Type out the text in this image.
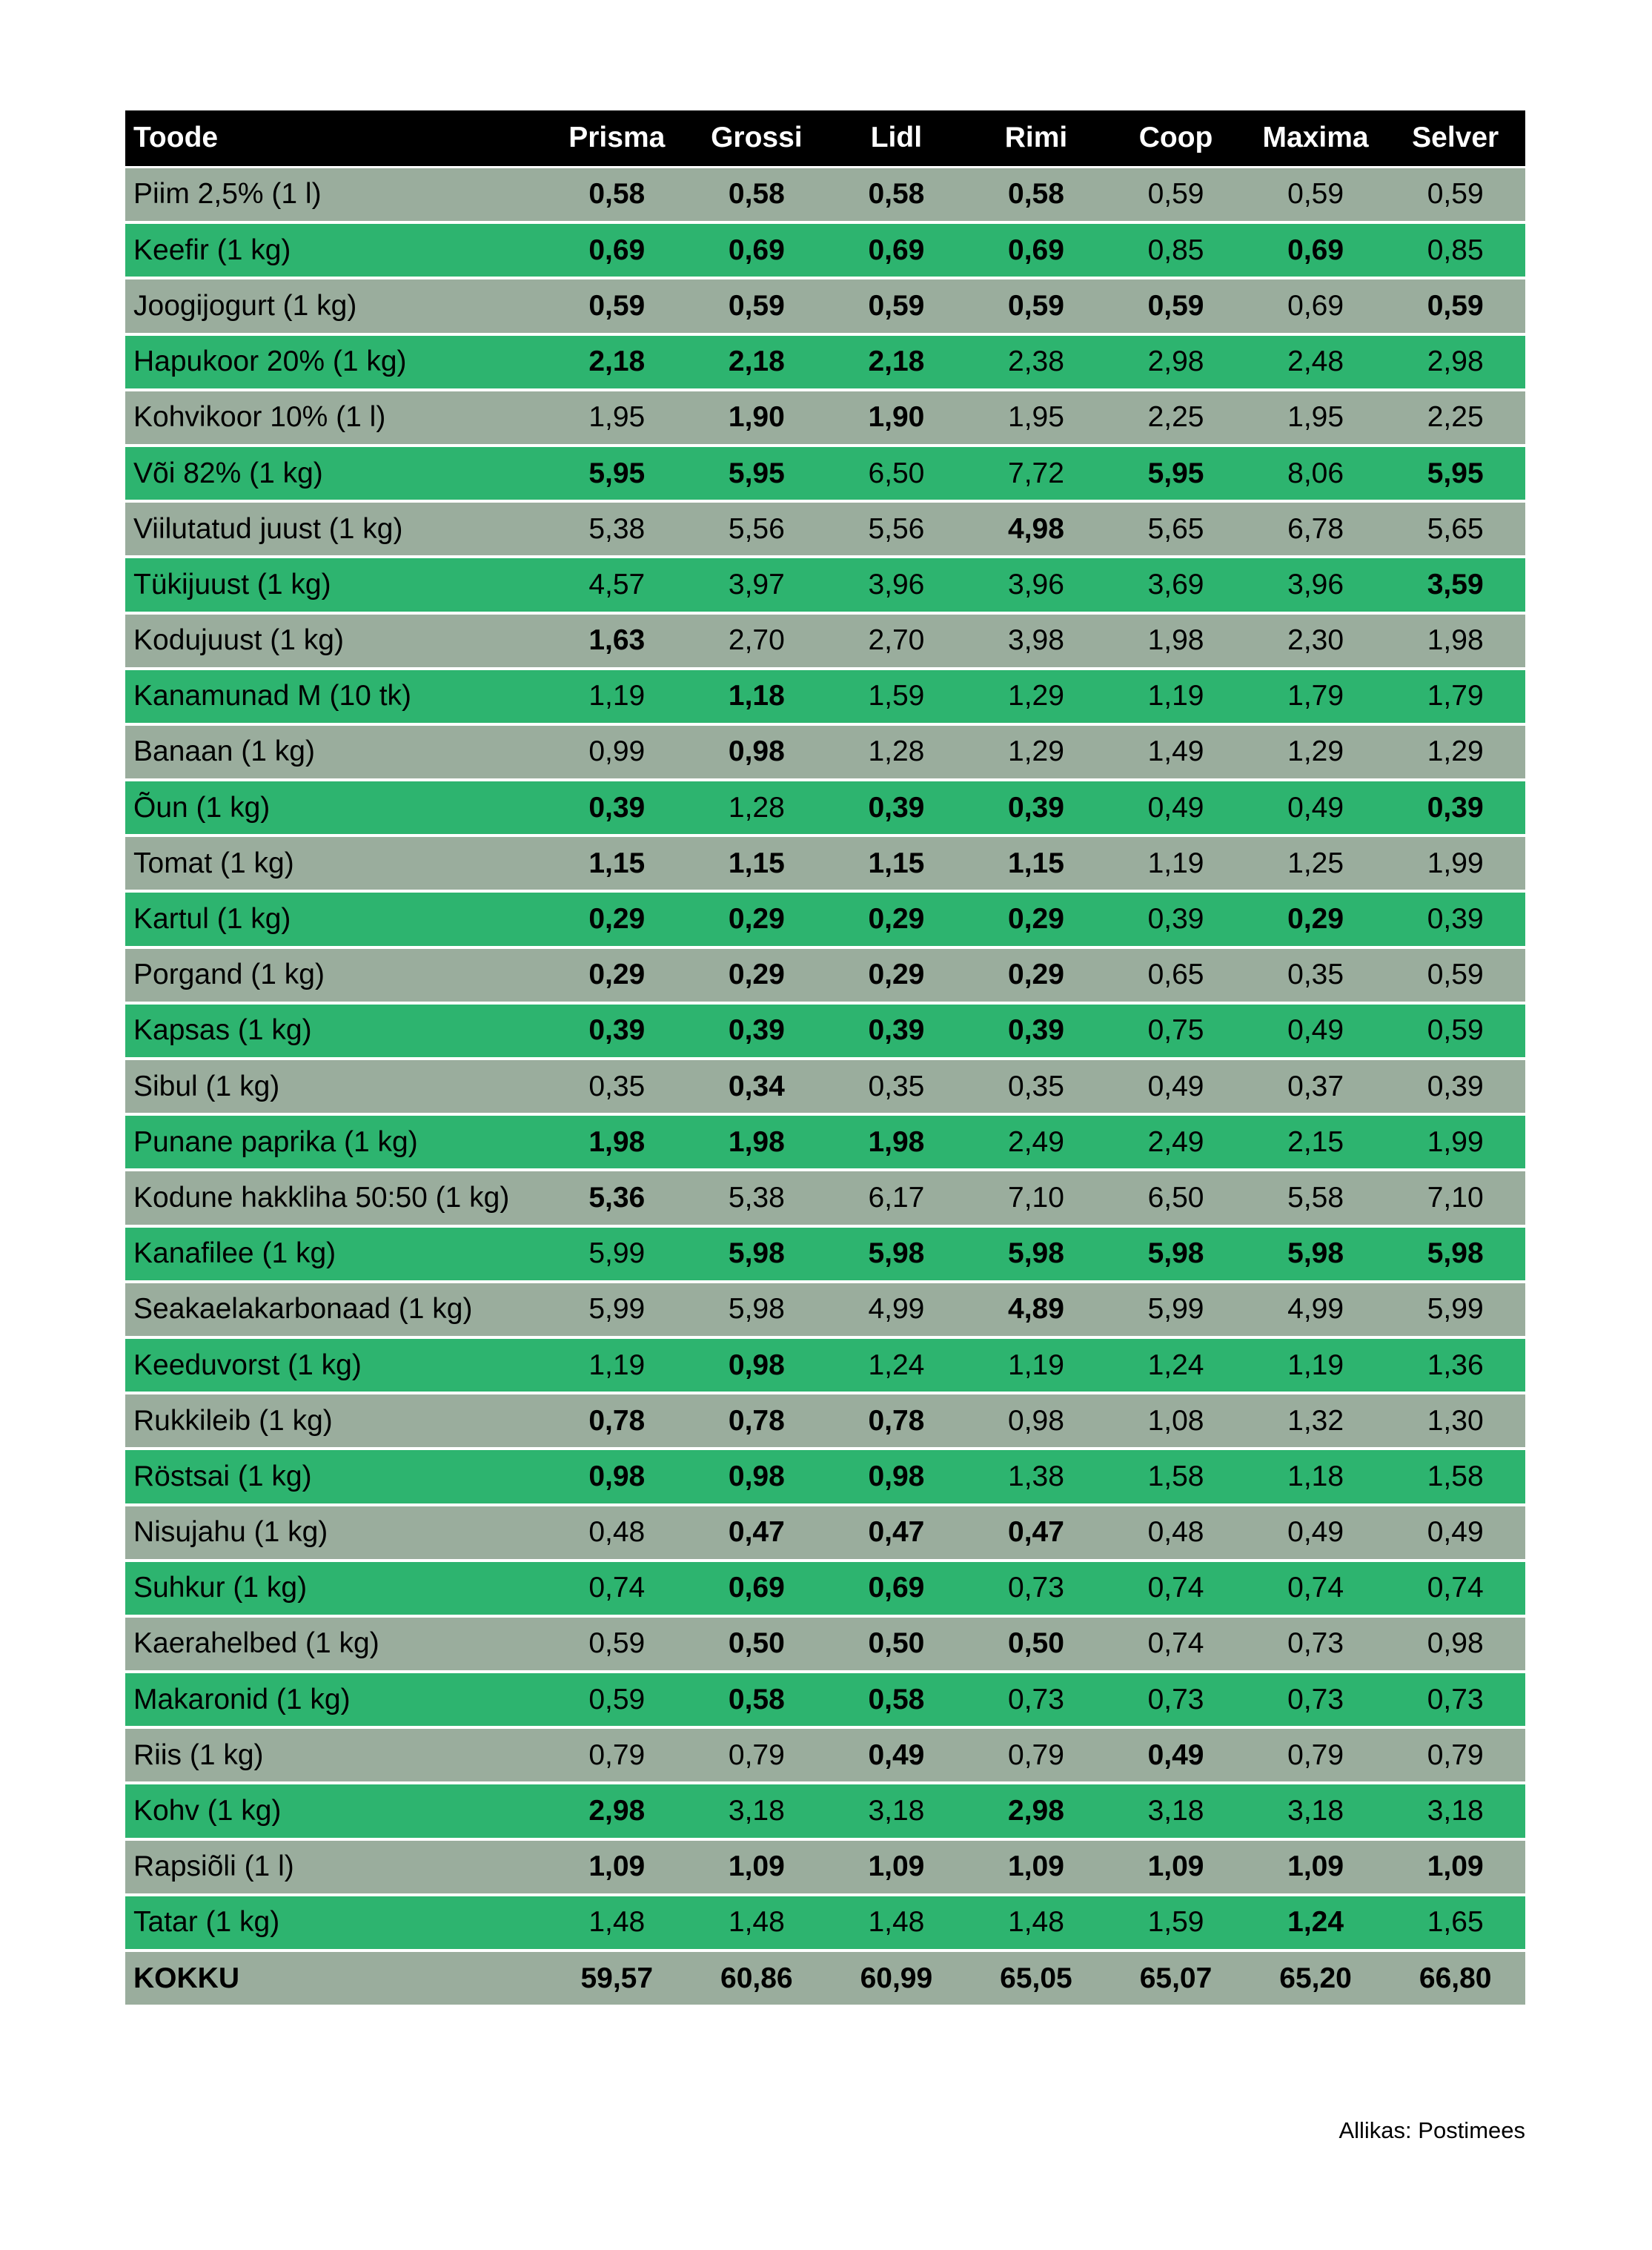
Toode	Prisma	Grossi	Lidl	Rimi	Coop	Maxima	Selver
Piim 2,5% (1 l)	0,58	0,58	0,58	0,58	0,59	0,59	0,59
Keefir (1 kg)	0,69	0,69	0,69	0,69	0,85	0,69	0,85
Joogijogurt (1 kg)	0,59	0,59	0,59	0,59	0,59	0,69	0,59
Hapukoor 20% (1 kg)	2,18	2,18	2,18	2,38	2,98	2,48	2,98
Kohvikoor 10% (1 l)	1,95	1,90	1,90	1,95	2,25	1,95	2,25
Või 82% (1 kg)	5,95	5,95	6,50	7,72	5,95	8,06	5,95
Viilutatud juust (1 kg)	5,38	5,56	5,56	4,98	5,65	6,78	5,65
Tükijuust (1 kg)	4,57	3,97	3,96	3,96	3,69	3,96	3,59
Kodujuust (1 kg)	1,63	2,70	2,70	3,98	1,98	2,30	1,98
Kanamunad M (10 tk)	1,19	1,18	1,59	1,29	1,19	1,79	1,79
Banaan (1 kg)	0,99	0,98	1,28	1,29	1,49	1,29	1,29
Õun (1 kg)	0,39	1,28	0,39	0,39	0,49	0,49	0,39
Tomat (1 kg)	1,15	1,15	1,15	1,15	1,19	1,25	1,99
Kartul (1 kg)	0,29	0,29	0,29	0,29	0,39	0,29	0,39
Porgand (1 kg)	0,29	0,29	0,29	0,29	0,65	0,35	0,59
Kapsas (1 kg)	0,39	0,39	0,39	0,39	0,75	0,49	0,59
Sibul (1 kg)	0,35	0,34	0,35	0,35	0,49	0,37	0,39
Punane paprika (1 kg)	1,98	1,98	1,98	2,49	2,49	2,15	1,99
Kodune hakkliha 50:50 (1 kg)	5,36	5,38	6,17	7,10	6,50	5,58	7,10
Kanafilee (1 kg)	5,99	5,98	5,98	5,98	5,98	5,98	5,98
Seakaelakarbonaad (1 kg)	5,99	5,98	4,99	4,89	5,99	4,99	5,99
Keeduvorst (1 kg)	1,19	0,98	1,24	1,19	1,24	1,19	1,36
Rukkileib (1 kg)	0,78	0,78	0,78	0,98	1,08	1,32	1,30
Röstsai (1 kg)	0,98	0,98	0,98	1,38	1,58	1,18	1,58
Nisujahu (1 kg)	0,48	0,47	0,47	0,47	0,48	0,49	0,49
Suhkur (1 kg)	0,74	0,69	0,69	0,73	0,74	0,74	0,74
Kaerahelbed (1 kg)	0,59	0,50	0,50	0,50	0,74	0,73	0,98
Makaronid (1 kg)	0,59	0,58	0,58	0,73	0,73	0,73	0,73
Riis (1 kg)	0,79	0,79	0,49	0,79	0,49	0,79	0,79
Kohv (1 kg)	2,98	3,18	3,18	2,98	3,18	3,18	3,18
Rapsiõli (1 l)	1,09	1,09	1,09	1,09	1,09	1,09	1,09
Tatar (1 kg)	1,48	1,48	1,48	1,48	1,59	1,24	1,65
KOKKU	59,57	60,86	60,99	65,05	65,07	65,20	66,80
Allikas: Postimees
